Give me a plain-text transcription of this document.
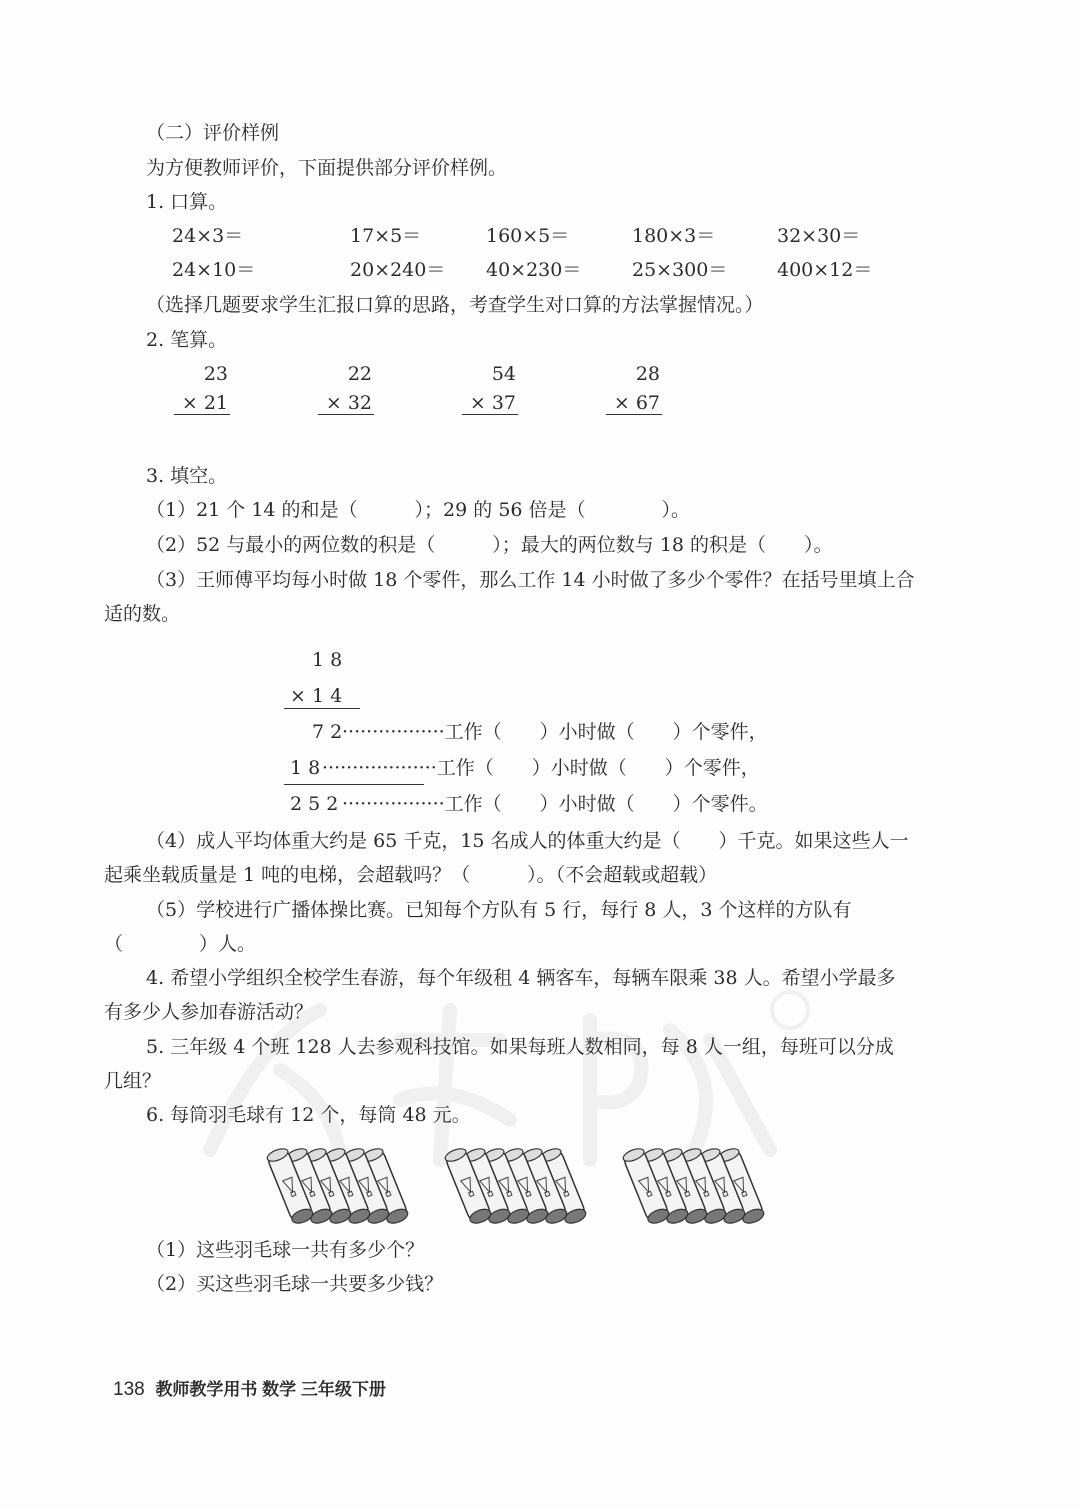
（二）评价样例
为方便教师评价，下面提供部分评价样例。
1. 口算。
24×3＝	17×5＝	160×5＝	180×3＝	32×30＝
24×10＝	20×240＝ 40×230＝	25×300＝	400×12＝
（选择几题要求学生汇报口算的思路，考查学生对口算的方法掌握情况。）
2. 笔算。
23
× 21
22
× 32
54
× 37
28
× 67
3. 填空。
（1）21 个 14 的和是（　　　）；29 的 56 倍是（　　　　）。
（2）52 与最小的两位数的积是（　　　）；最大的两位数与 18 的积是（　　）。
（3）王师傅平均每小时做 18 个零件，那么工作 14 小时做了多少个零件？在括号里填上合
适的数。
1 8
× 1 4
7 2 ·················工作（　　）小时做（　　）个零件，
1 8 ···················工作（　　）小时做（　　）个零件，
2 5 2 ·················工作（　　）小时做（　　）个零件。
（4）成人平均体重大约是 65 千克，15 名成人的体重大约是（　　）千克。如果这些人一
起乘坐载质量是 1 吨的电梯，会超载吗？（　　　）。（不会超载或超载）
（5）学校进行广播体操比赛。已知每个方队有 5 行，每行 8 人，3 个这样的方队有
（　　　　）人。
4. 希望小学组织全校学生春游，每个年级租 4 辆客车，每辆车限乘 38 人。希望小学最多
有多少人参加春游活动？
5. 三年级 4 个班 128 人去参观科技馆。如果每班人数相同，每 8 人一组，每班可以分成
几组？
6. 每筒羽毛球有 12 个，每筒 48 元。
（1）这些羽毛球一共有多少个？
（2）买这些羽毛球一共要多少钱？
138 教师教学用书 数学 三年级下册
